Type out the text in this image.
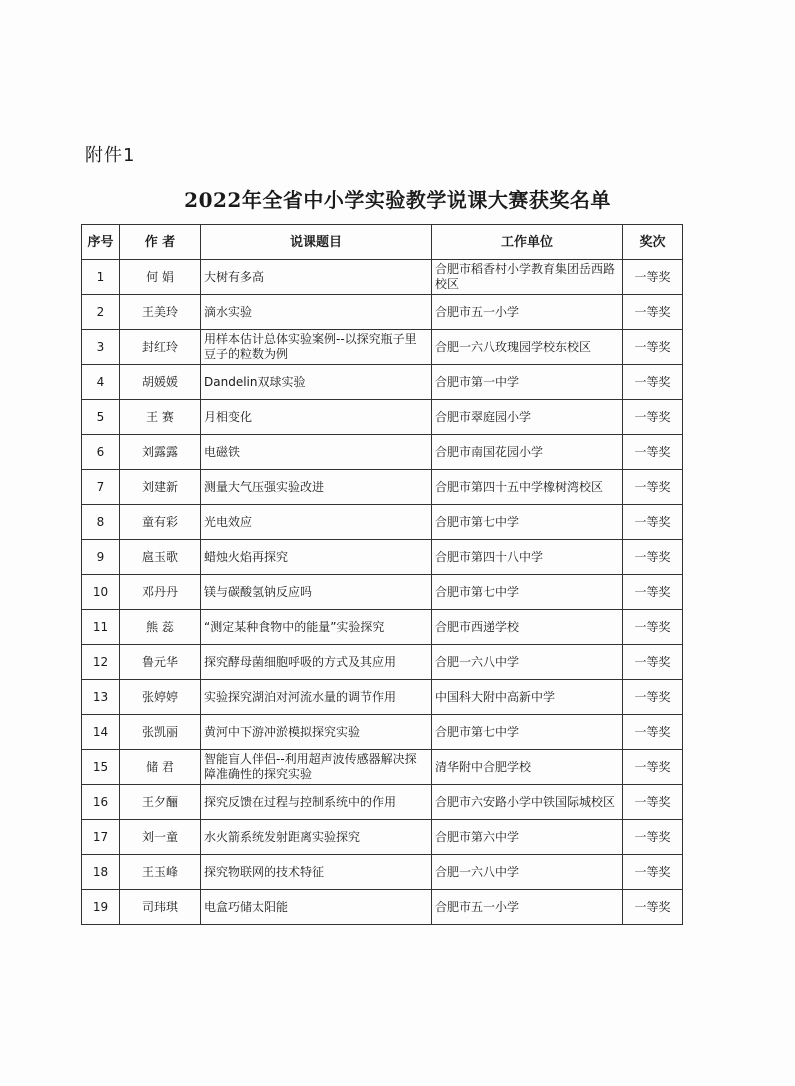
附件1
2022年全省中小学实验教学说课大赛获奖名单
序号	作 者	说课题目	工作单位	奖次
1	何 娟	大树有多高	合肥市稻香村小学教育集团岳西路校区	一等奖
2	王美玲	滴水实验	合肥市五一小学	一等奖
3	封红玲	用样本估计总体实验案例--以探究瓶子里豆子的粒数为例	合肥一六八玫瑰园学校东校区	一等奖
4	胡媛媛	Dandelin双球实验	合肥市第一中学	一等奖
5	王 赛	月相变化	合肥市翠庭园小学	一等奖
6	刘露露	电磁铁	合肥市南国花园小学	一等奖
7	刘建新	测量大气压强实验改进	合肥市第四十五中学橡树湾校区	一等奖
8	童有彩	光电效应	合肥市第七中学	一等奖
9	扈玉歌	蜡烛火焰再探究	合肥市第四十八中学	一等奖
10	邓丹丹	镁与碳酸氢钠反应吗	合肥市第七中学	一等奖
11	熊 蕊	“测定某种食物中的能量”实验探究	合肥市西递学校	一等奖
12	鲁元华	探究酵母菌细胞呼吸的方式及其应用	合肥一六八中学	一等奖
13	张婷婷	实验探究湖泊对河流水量的调节作用	中国科大附中高新中学	一等奖
14	张凯丽	黄河中下游冲淤模拟探究实验	合肥市第七中学	一等奖
15	储 君	智能盲人伴侣--利用超声波传感器解决探障准确性的探究实验	清华附中合肥学校	一等奖
16	王夕酾	探究反馈在过程与控制系统中的作用	合肥市六安路小学中铁国际城校区	一等奖
17	刘一童	水火箭系统发射距离实验探究	合肥市第六中学	一等奖
18	王玉峰	探究物联网的技术特征	合肥一六八中学	一等奖
19	司玮琪	电盒巧储太阳能	合肥市五一小学	一等奖
